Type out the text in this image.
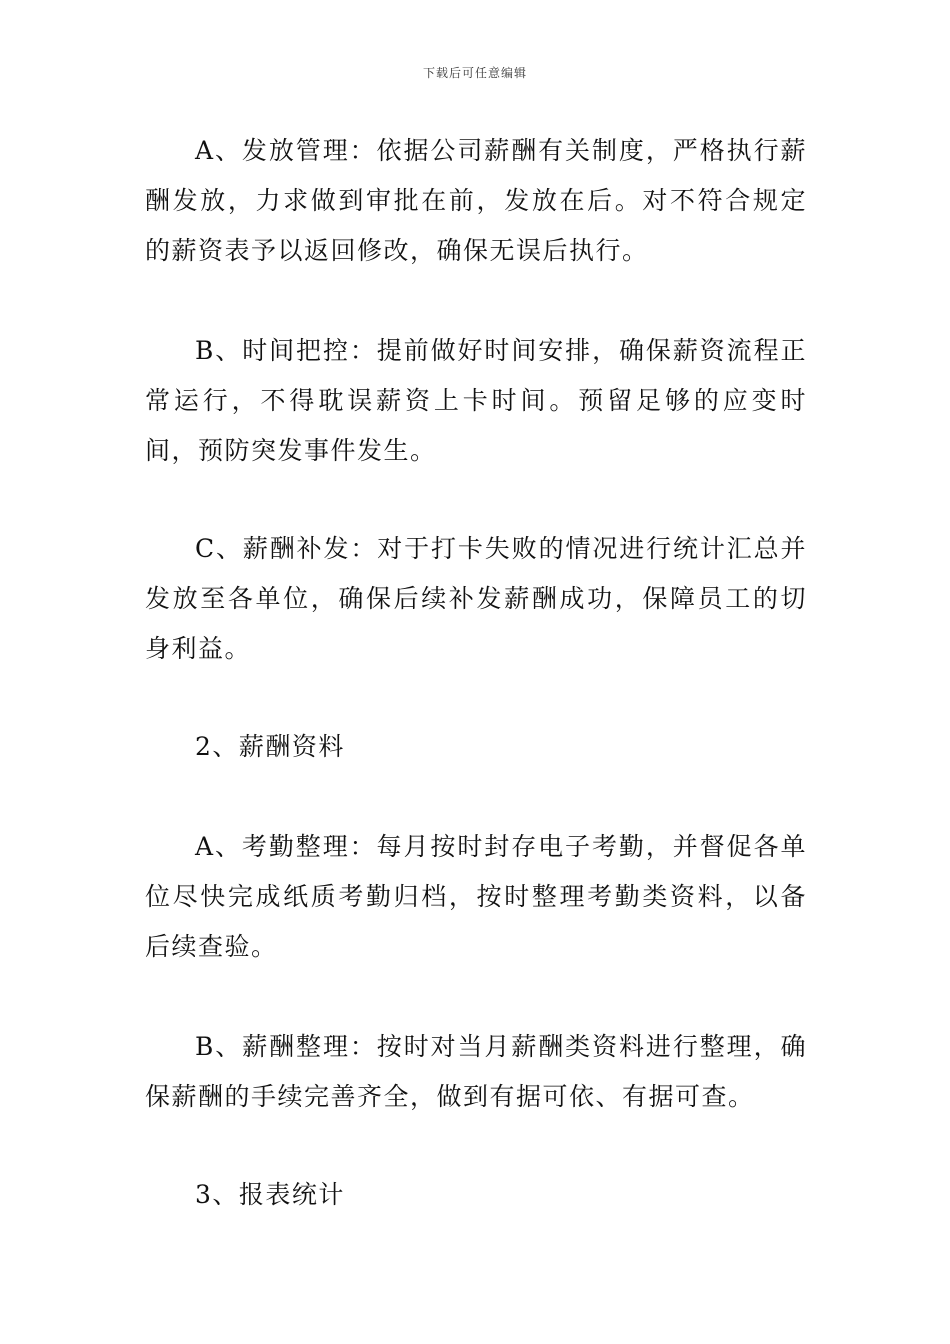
下载后可任意编辑

A、发放管理：依据公司薪酬有关制度，严格执行薪酬发放，力求做到审批在前，发放在后。对不符合规定的薪资表予以返回修改，确保无误后执行。

B、时间把控：提前做好时间安排，确保薪资流程正常运行，不得耽误薪资上卡时间。预留足够的应变时间，预防突发事件发生。

C、薪酬补发：对于打卡失败的情况进行统计汇总并发放至各单位，确保后续补发薪酬成功，保障员工的切身利益。

2、薪酬资料

A、考勤整理：每月按时封存电子考勤，并督促各单位尽快完成纸质考勤归档，按时整理考勤类资料，以备后续查验。

B、薪酬整理：按时对当月薪酬类资料进行整理，确保薪酬的手续完善齐全，做到有据可依、有据可查。

3、报表统计
